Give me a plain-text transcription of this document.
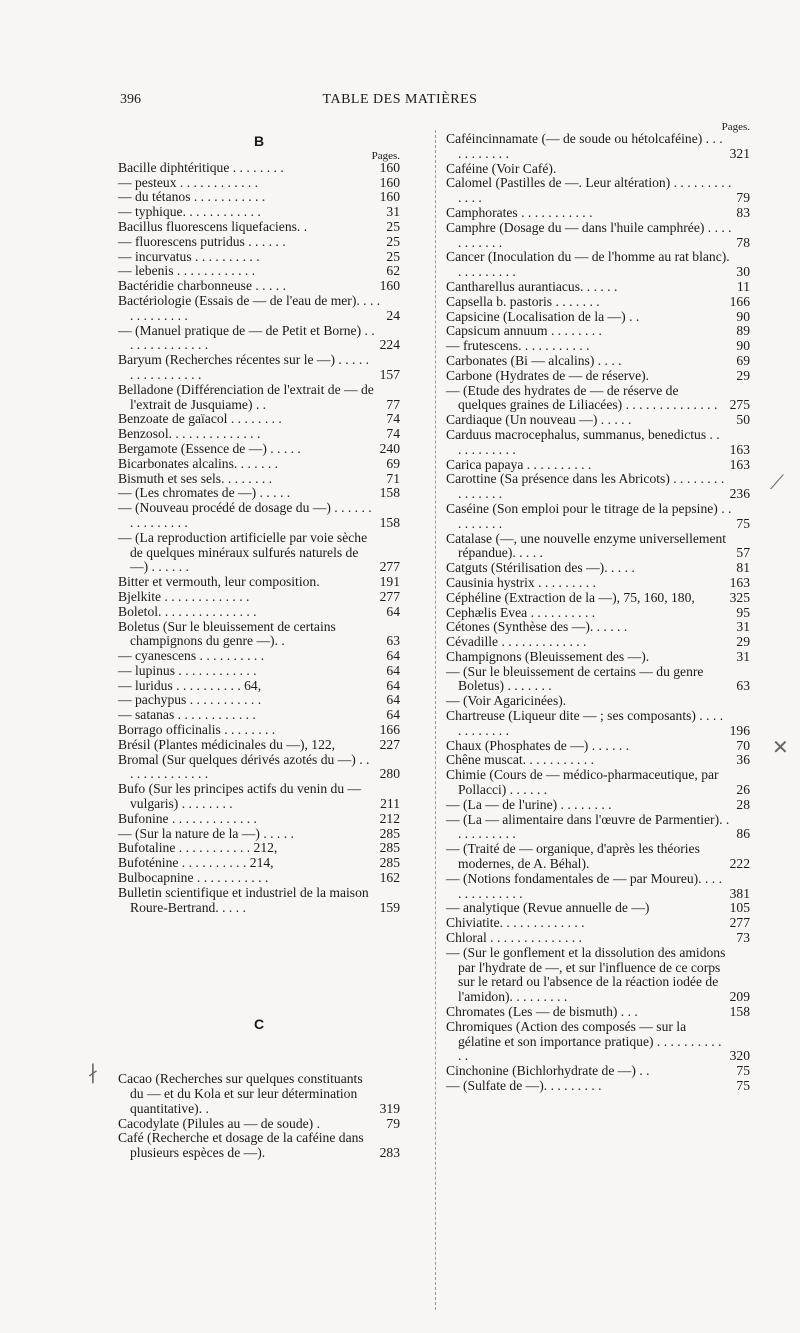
396	TABLE DES MATIÈRES
B
Pages.

Bacille diphtéritique . . . . . . . .	160

— pesteux . . . . . . . . . . . .	160

— du tétanos . . . . . . . . . . .	160

— typhique. . . . . . . . . . . .	31

Bacillus fluorescens liquefaciens. .	25

— fluorescens putridus . . . . . .	25

— incurvatus . . . . . . . . . .	25

— lebenis . . . . . . . . . . . .	62

Bactéridie charbonneuse . . . . .	160

Bactériologie (Essais de — de l'eau de mer). . . . . . . . . . . . .	24

— (Manuel pratique de — de Petit et Borne) . . . . . . . . . . . . . .	224

Baryum (Recherches récentes sur le —) . . . . . . . . . . . . . . . .	157

Belladone (Différenciation de l'extrait de — de l'extrait de Jusquiame) . .	77

Benzoate de gaïacol . . . . . . . .	74

Benzosol. . . . . . . . . . . . . .	74

Bergamote (Essence de —) . . . . .	240

Bicarbonates alcalins. . . . . . .	69

Bismuth et ses sels. . . . . . . .	71

— (Les chromates de —) . . . . .	158

— (Nouveau procédé de dosage du —) . . . . . . . . . . . . . . .	158

— (La reproduction artificielle par voie sèche de quelques minéraux sulfurés naturels de —) . . . . . .	277

Bitter et vermouth, leur composition.	191

Bjelkite . . . . . . . . . . . . .	277

Boletol. . . . . . . . . . . . . . .	64

Boletus (Sur le bleuissement de certains champignons du genre —). .	63

— cyanescens . . . . . . . . . .	64

— lupinus . . . . . . . . . . . .	64

— luridus . . . . . . . . . . 64,	64

— pachypus . . . . . . . . . . .	64

— satanas . . . . . . . . . . . .	64

Borrago officinalis . . . . . . . .	166

Brésil (Plantes médicinales du —), 122,	227

Bromal (Sur quelques dérivés azotés du —) . . . . . . . . . . . . . .	280

Bufo (Sur les principes actifs du venin du — vulgaris) . . . . . . . .	211

Bufonine . . . . . . . . . . . . .	212

— (Sur la nature de la —) . . . . .	285

Bufotaline . . . . . . . . . . . 212,	285

Bufoténine . . . . . . . . . . 214,	285

Bulbocapnine . . . . . . . . . . .	162

Bulletin scientifique et industriel de la maison Roure-Bertrand. . . . .	159
C

Cacao (Recherches sur quelques constituants du — et du Kola et sur leur détermination quantitative). .	319

Cacodylate (Pilules au — de soude) .	79

Café (Recherche et dosage de la caféine dans plusieurs espèces de —).	283
Pages.

Caféincinnamate (— de soude ou hétolcaféine) . . . . . . . . . . .	321

Caféine (Voir Café).

Calomel (Pastilles de —. Leur altération) . . . . . . . . . . . . .	79

Camphorates . . . . . . . . . . .	83

Camphre (Dosage du — dans l'huile camphrée) . . . . . . . . . . .	78

Cancer (Inoculation du — de l'homme au rat blanc). . . . . . . . . .	30

Cantharellus aurantiacus. . . . . .	11

Capsella b. pastoris . . . . . . .	166

Capsicine (Localisation de la —) . .	90

Capsicum annuum . . . . . . . .	89

— frutescens. . . . . . . . . . .	90

Carbonates (Bi — alcalins) . . . .	69

Carbone (Hydrates de — de réserve).	29

— (Etude des hydrates de — de réserve de quelques graines de Liliacées) . . . . . . . . . . . . . . 275

Cardiaque (Un nouveau —) . . . . .	50

Carduus macrocephalus, summanus, benedictus . . . . . . . . . . .	163

Carica papaya . . . . . . . . . .	163

Carottine (Sa présence dans les Abricots) . . . . . . . . . . . . . . .	236

Caséine (Son emploi pour le titrage de la pepsine) . . . . . . . . .	75

Catalase (—, une nouvelle enzyme universellement répandue). . . . .	57

Catguts (Stérilisation des —). . . . .	81

Causinia hystrix . . . . . . . . .	163

Céphéline (Extraction de la —), 75, 160, 180,	325

Cephælis Evea . . . . . . . . . .	95

Cétones (Synthèse des —). . . . . .	31

Cévadille . . . . . . . . . . . . .	29

Champignons (Bleuissement des —).	31

— (Sur le bleuissement de certains — du genre Boletus) . . . . . . .	63

— (Voir Agaricinées).

Chartreuse (Liqueur dite — ; ses composants) . . . . . . . . . . . .	196

Chaux (Phosphates de —) . . . . . .	70

Chêne muscat. . . . . . . . . . .	36

Chimie (Cours de — médico-pharmaceutique, par Pollacci) . . . . . .	26

— (La — de l'urine) . . . . . . . .	28

— (La — alimentaire dans l'œuvre de Parmentier). . . . . . . . . . .	86

— (Traité de — organique, d'après les théories modernes, de A. Béhal).	222

— (Notions fondamentales de — par Moureu). . . . . . . . . . . . . .	381

— analytique (Revue annuelle de —)	105

Chiviatite. . . . . . . . . . . . .	277

Chloral . . . . . . . . . . . . . .	73

— (Sur le gonflement et la dissolution des amidons par l'hydrate de —, et sur l'influence de ce corps sur le retard ou l'absence de la réaction iodée de l'amidon). . . . . . . . .	209

Chromates (Les — de bismuth) . . .	158

Chromiques (Action des composés — sur la gélatine et son importance pratique) . . . . . . . . . . . .	320

Cinchonine (Bichlorhydrate de —) . .	75

— (Sulfate de —). . . . . . . . .	75
⟋
✕
∤
